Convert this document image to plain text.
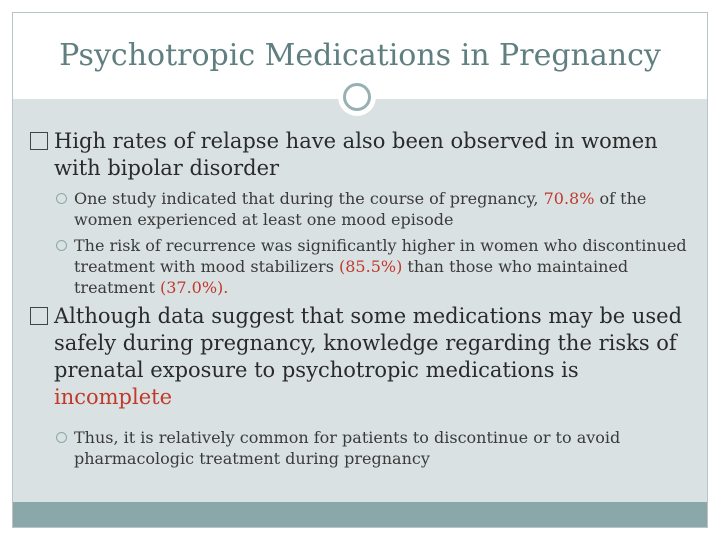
Psychotropic Medications in Pregnancy

High rates of relapse have also been observed in women with bipolar disorder

One study indicated that during the course of pregnancy, 70.8% of the women experienced at least one mood episode

The risk of recurrence was significantly higher in women who discontinued treatment with mood stabilizers (85.5%) than those who maintained treatment (37.0%).

Although data suggest that some medications may be used safely during pregnancy, knowledge regarding the risks of prenatal exposure to psychotropic medications is incomplete

Thus, it is relatively common for patients to discontinue or to avoid pharmacologic treatment during pregnancy
